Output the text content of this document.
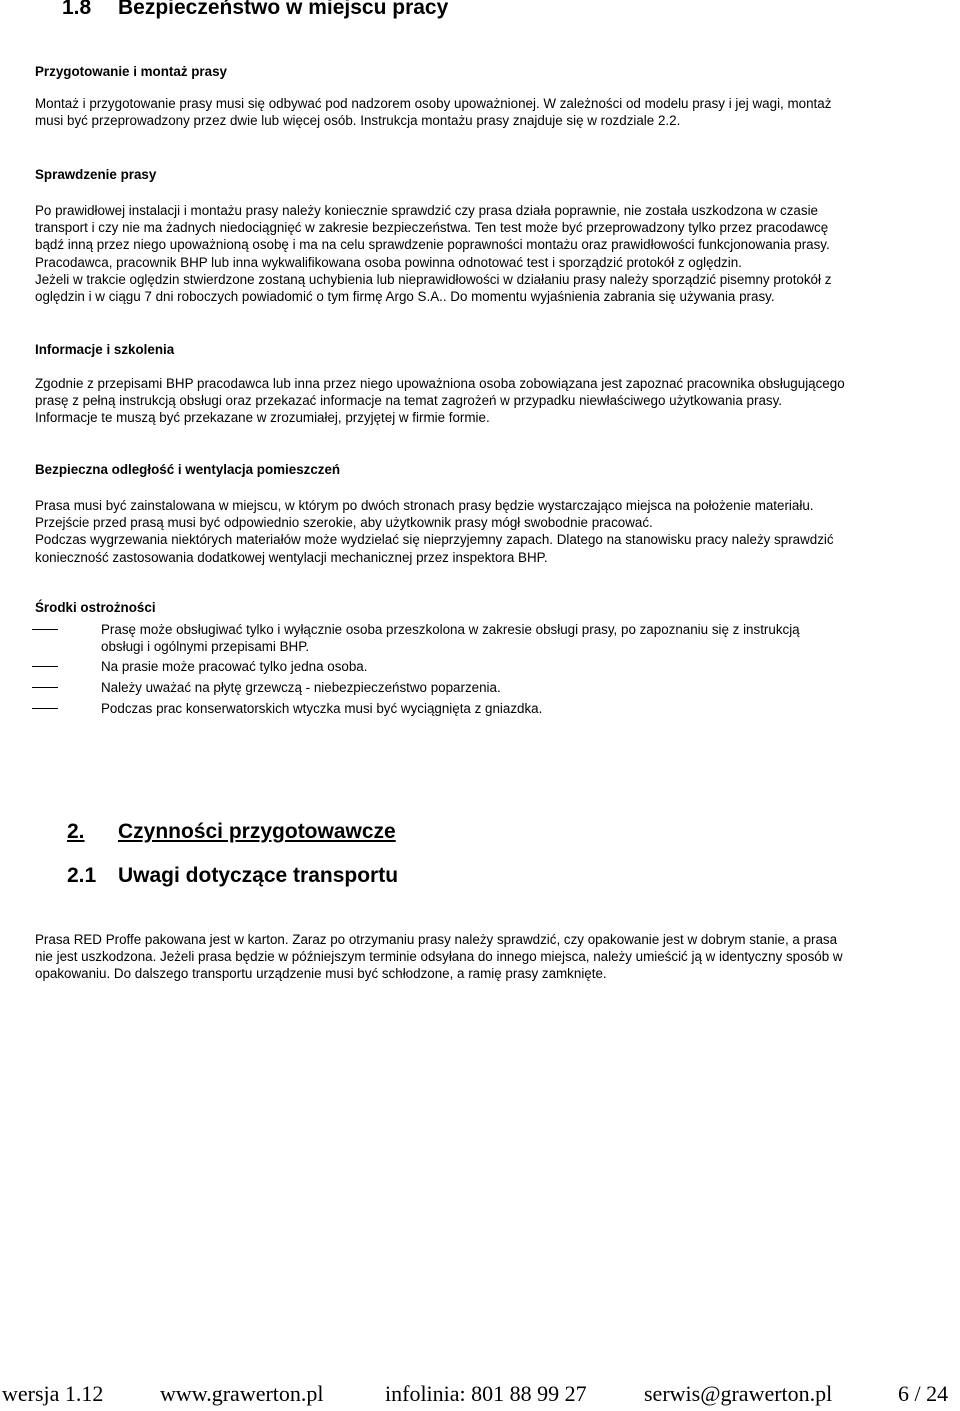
1.8 Bezpieczeństwo w miejscu pracy
Przygotowanie i montaż prasy

Montaż i przygotowanie prasy musi się odbywać pod nadzorem osoby upoważnionej. W zależności od modelu prasy i jej wagi, montaż

musi być przeprowadzony przez dwie lub więcej osób. Instrukcja montażu prasy znajduje się w rozdziale 2.2.

Sprawdzenie prasy

Po prawidłowej instalacji i montażu prasy należy koniecznie sprawdzić czy prasa działa poprawnie, nie została uszkodzona w czasie

transport i czy nie ma żadnych niedociągnięć w zakresie bezpieczeństwa. Ten test może być przeprowadzony tylko przez pracodawcę

bądź inną przez niego upoważnioną osobę i ma na celu sprawdzenie poprawności montażu oraz prawidłowości funkcjonowania prasy.

Pracodawca, pracownik BHP lub inna wykwalifikowana osoba powinna odnotować test i sporządzić protokół z oględzin.

Jeżeli w trakcie oględzin stwierdzone zostaną uchybienia lub nieprawidłowości w działaniu prasy należy sporządzić pisemny protokół z

oględzin i w ciągu 7 dni roboczych powiadomić o tym firmę Argo S.A.. Do momentu wyjaśnienia zabrania się używania prasy.

Informacje i szkolenia

Zgodnie z przepisami BHP pracodawca lub inna przez niego upoważniona osoba zobowiązana jest zapoznać pracownika obsługującego

prasę z pełną instrukcją obsługi oraz przekazać informacje na temat zagrożeń w przypadku niewłaściwego użytkowania prasy.

Informacje te muszą być przekazane w zrozumiałej, przyjętej w firmie formie.

Bezpieczna odległość i wentylacja pomieszczeń

Prasa musi być zainstalowana w miejscu, w którym po dwóch stronach prasy będzie wystarczająco miejsca na położenie materiału.

Przejście przed prasą musi być odpowiednio szerokie, aby użytkownik prasy mógł swobodnie pracować.

Podczas wygrzewania niektórych materiałów może wydzielać się nieprzyjemny zapach. Dlatego na stanowisku pracy należy sprawdzić

konieczność zastosowania dodatkowej wentylacji mechanicznej przez inspektora BHP.

Środki ostrożności
Prasę może obsługiwać tylko i wyłącznie osoba przeszkolona w zakresie obsługi prasy, po zapoznaniu się z instrukcją
obsługi i ogólnymi przepisami BHP.
Na prasie może pracować tylko jedna osoba.
Należy uważać na płytę grzewczą - niebezpieczeństwo poparzenia.
Podczas prac konserwatorskich wtyczka musi być wyciągnięta z gniazdka.
2. Czynności przygotowawcze
2.1 Uwagi dotyczące transportu

Prasa RED Proffe pakowana jest w karton. Zaraz po otrzymaniu prasy należy sprawdzić, czy opakowanie jest w dobrym stanie, a prasa

nie jest uszkodzona. Jeżeli prasa będzie w późniejszym terminie odsyłana do innego miejsca, należy umieścić ją w identyczny sposób w

opakowaniu. Do dalszego transportu urządzenie musi być schłodzone, a ramię prasy zamknięte.

wersja 1.12	www.grawerton.pl	infolinia: 801 88 99 27	serwis@grawerton.pl	6 / 24
